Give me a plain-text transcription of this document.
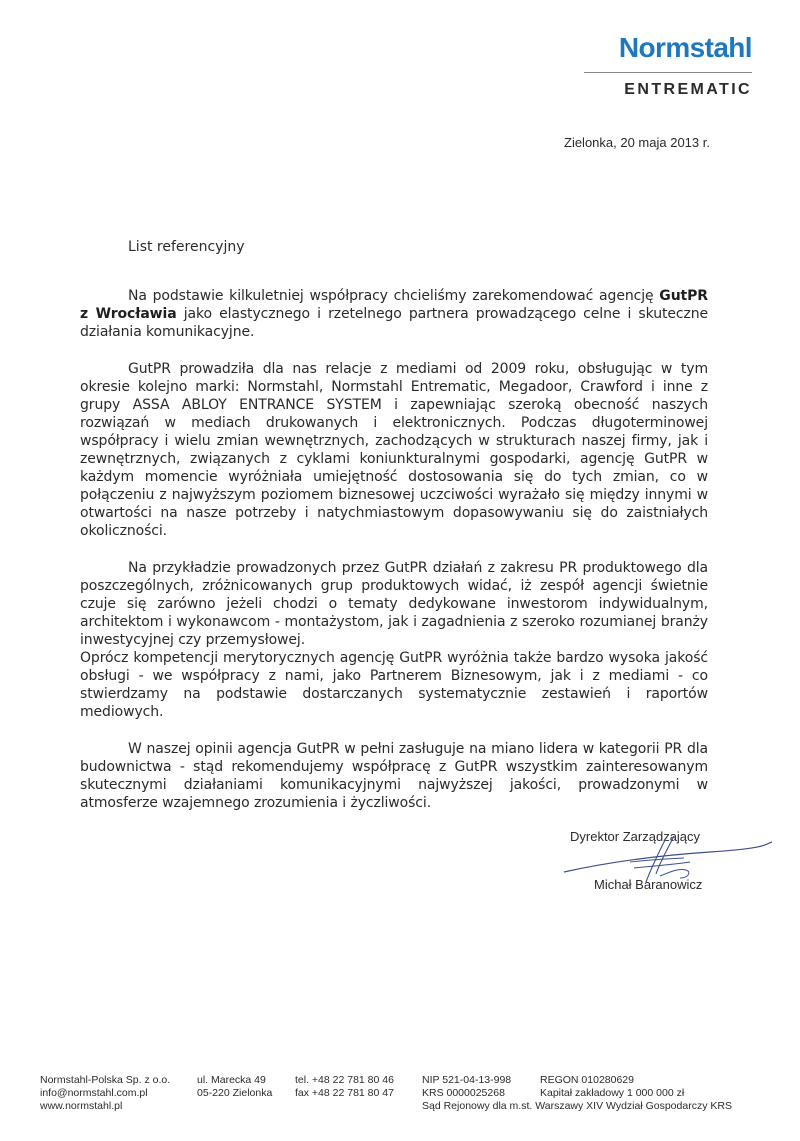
Normstahl
ENTREMATIC
Zielonka, 20 maja 2013 r.
List referencyjny

Na podstawie kilkuletniej współpracy chcieliśmy zarekomendować agencję GutPR z Wrocławia jako elastycznego i rzetelnego partnera prowadzącego celne i skuteczne działania komunikacyjne.

GutPR prowadziła dla nas relacje z mediami od 2009 roku, obsługując w tym okresie kolejno marki: Normstahl, Normstahl Entrematic, Megadoor, Crawford i inne z grupy ASSA ABLOY ENTRANCE SYSTEM i zapewniając szeroką obecność naszych rozwiązań w mediach drukowanych i elektronicznych. Podczas długoterminowej współpracy i wielu zmian wewnętrznych, zachodzących w strukturach naszej firmy, jak i zewnętrznych, związanych z cyklami koniunkturalnymi gospodarki, agencję GutPR w każdym momencie wyróżniała umiejętność dostosowania się do tych zmian, co w połączeniu z najwyższym poziomem biznesowej uczciwości wyrażało się między innymi w otwartości na nasze potrzeby i natychmiastowym dopasowywaniu się do zaistniałych okoliczności.

Na przykładzie prowadzonych przez GutPR działań z zakresu PR produktowego dla poszczególnych, zróżnicowanych grup produktowych widać, iż zespół agencji świetnie czuje się zarówno jeżeli chodzi o tematy dedykowane inwestorom indywidualnym, architektom i wykonawcom - montażystom, jak i zagadnienia z szeroko rozumianej branży inwestycyjnej czy przemysłowej.

Oprócz kompetencji merytorycznych agencję GutPR wyróżnia także bardzo wysoka jakość obsługi - we współpracy z nami, jako Partnerem Biznesowym, jak i z mediami - co stwierdzamy na podstawie dostarczanych systematycznie zestawień i raportów mediowych.

W naszej opinii agencja GutPR w pełni zasługuje na miano lidera w kategorii PR dla budownictwa - stąd rekomendujemy współpracę z GutPR wszystkim zainteresowanym skutecznymi działaniami komunikacyjnymi najwyższej jakości, prowadzonymi w atmosferze wzajemnego zrozumienia i życzliwości.

Dyrektor Zarządzający
Michał Baranowicz
Normstahl-Polska Sp. z o.o.
info@normstahl.com.pl
www.normstahl.pl
ul. Marecka 49
05-220 Zielonka
tel. +48 22 781 80 46
fax +48 22 781 80 47
NIP 521-04-13-998
KRS 0000025268
Sąd Rejonowy dla m.st. Warszawy XIV Wydział Gospodarczy KRS
REGON 010280629
Kapitał zakładowy 1 000 000 zł
